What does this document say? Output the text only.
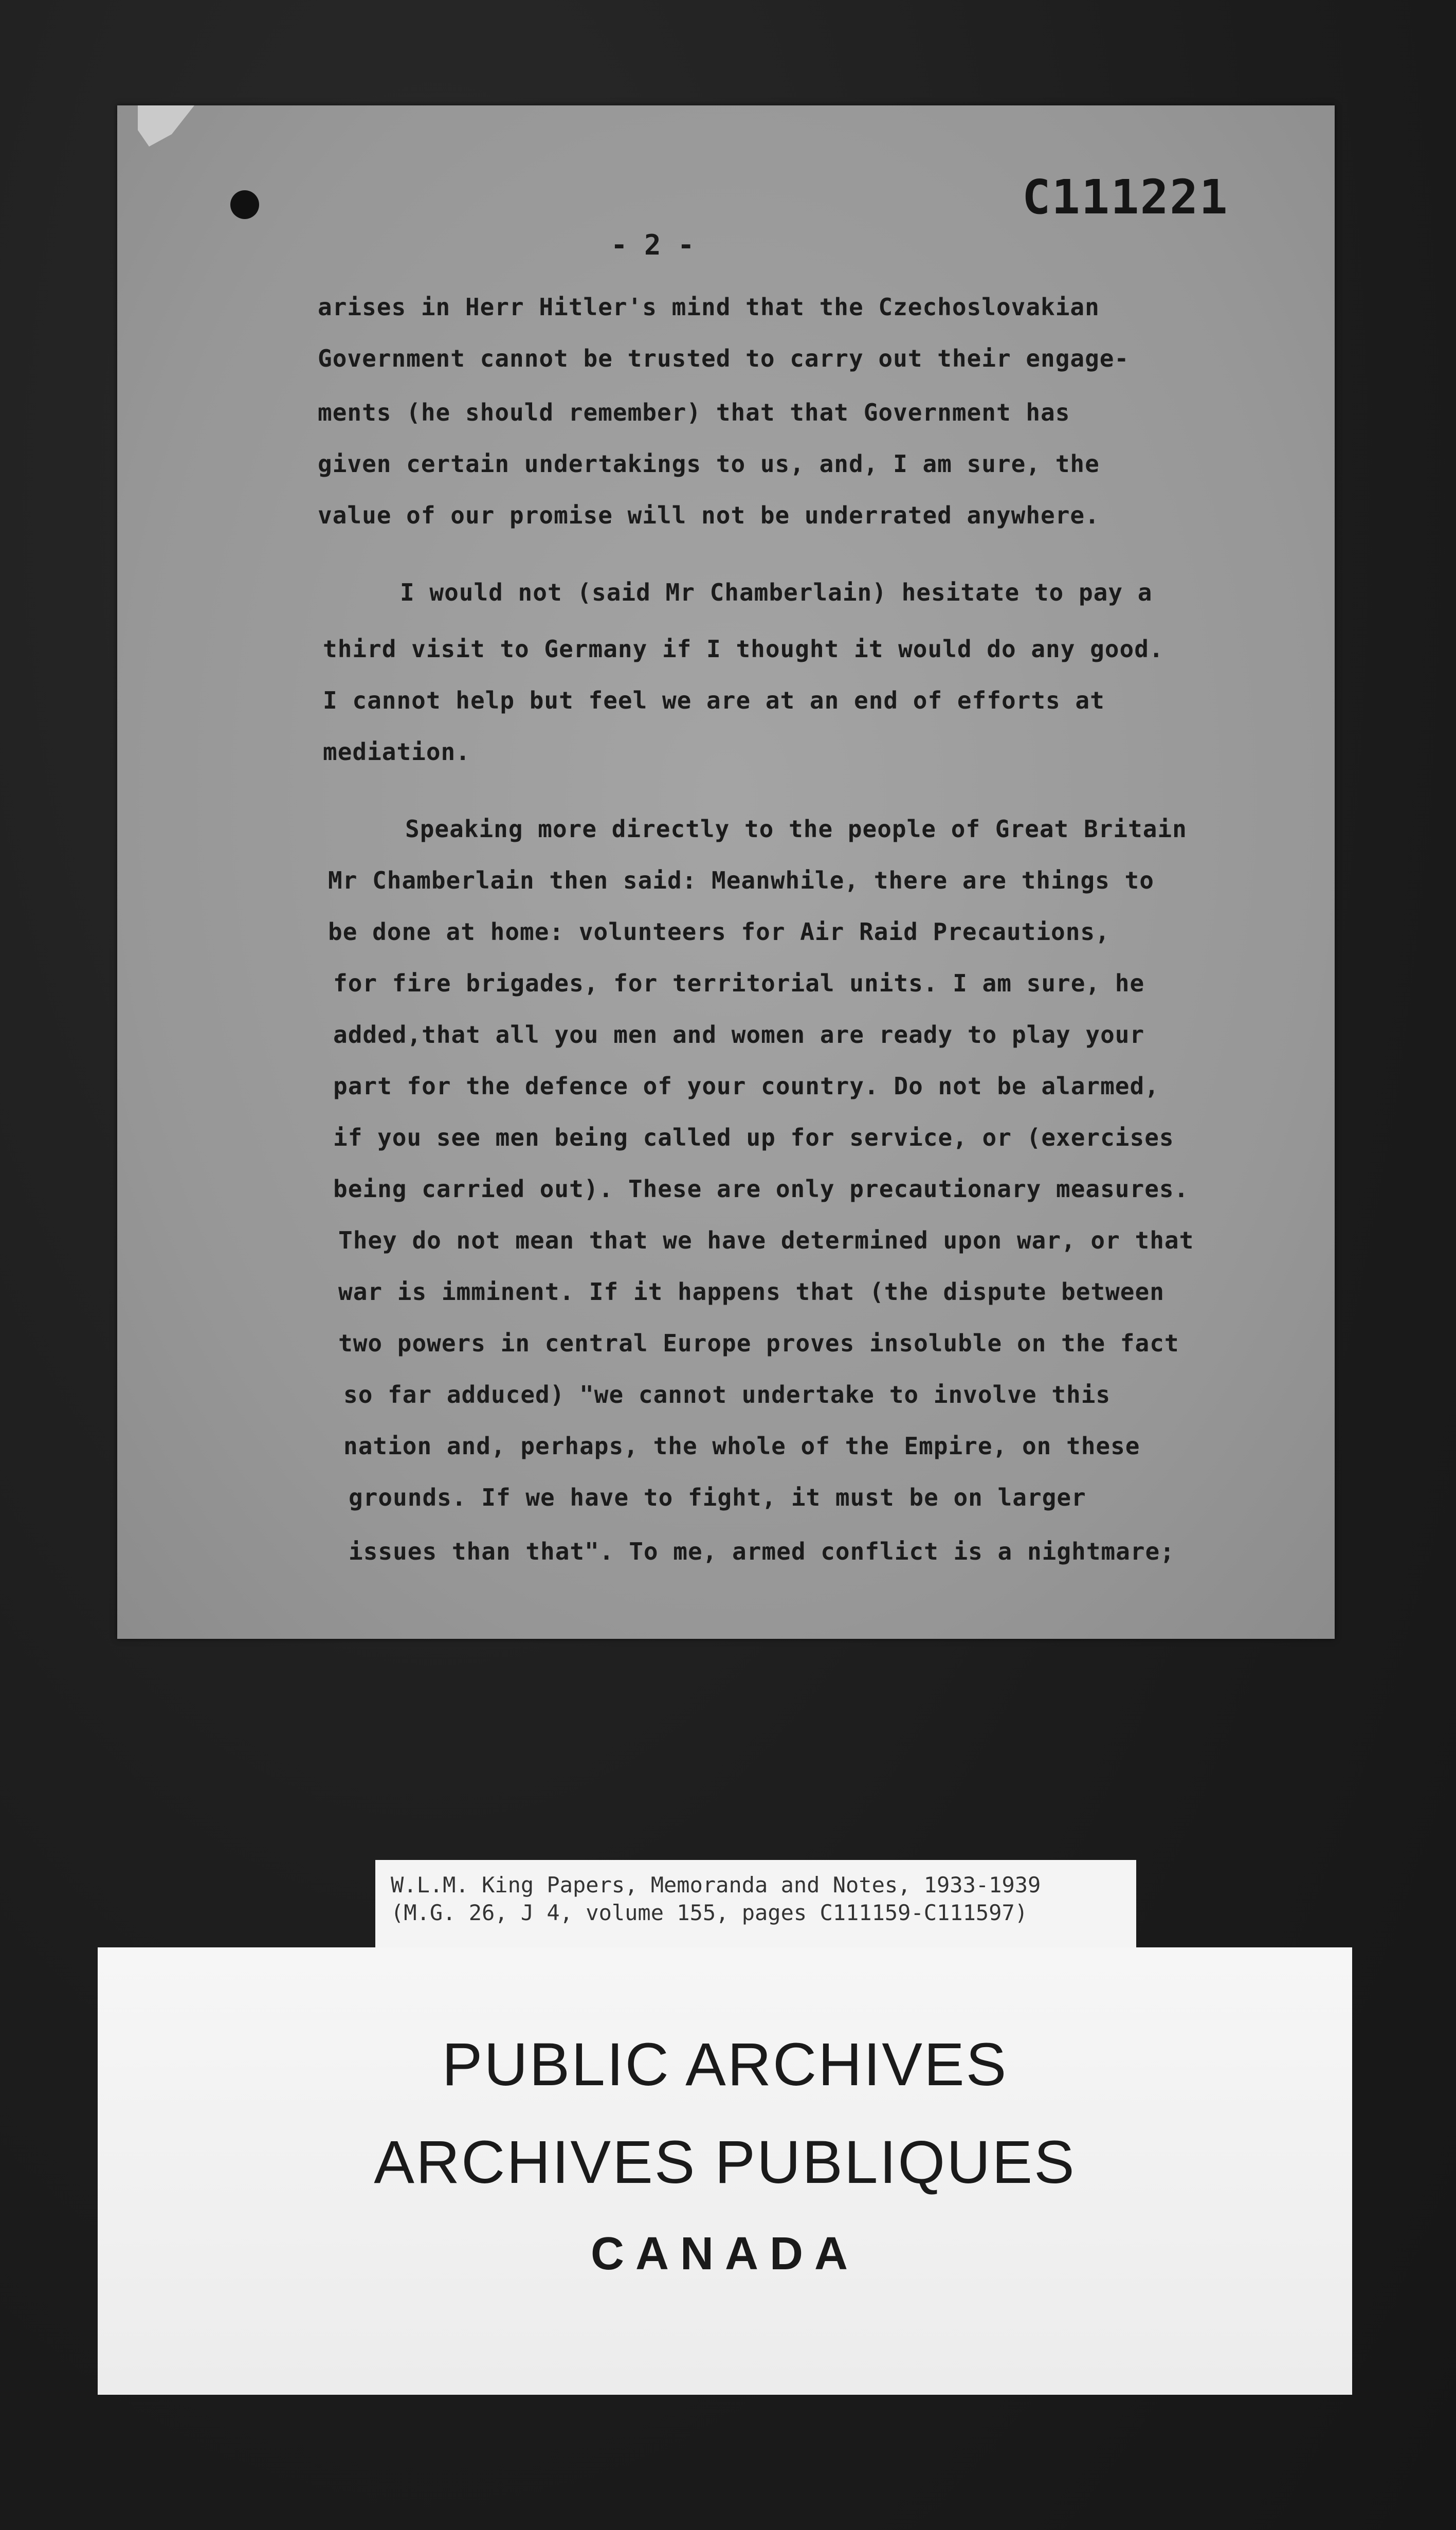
C111221
- 2 -

arises in Herr Hitler's mind that the Czechoslovakian

Government cannot be trusted to carry out their engage-

ments (he should remember) that that Government has

given certain undertakings to us, and, I am sure, the

value of our promise will not be underrated anywhere.

I would not (said Mr Chamberlain) hesitate to pay a

third visit to Germany if I thought it would do any good.

I cannot help but feel we are at an end of efforts at

mediation.

Speaking more directly to the people of Great Britain

Mr Chamberlain then said: Meanwhile, there are things to

be done at home: volunteers for Air Raid Precautions,

for fire brigades, for territorial units. I am sure, he

added,that all you men and women are ready to play your

part for the defence of your country. Do not be alarmed,

if you see men being called up for service, or (exercises

being carried out). These are only precautionary measures.

They do not mean that we have determined upon war, or that

war is imminent. If it happens that (the dispute between

two powers in central Europe proves insoluble on the fact

so far adduced) "we cannot undertake to involve this

nation and, perhaps, the whole of the Empire, on these

grounds. If we have to fight, it must be on larger

issues than that". To me, armed conflict is a nightmare;

W.L.M. King Papers, Memoranda and Notes, 1933-1939
(M.G. 26, J 4, volume 155, pages C111159-C111597)
PUBLIC ARCHIVES
ARCHIVES PUBLIQUES
CANADA
